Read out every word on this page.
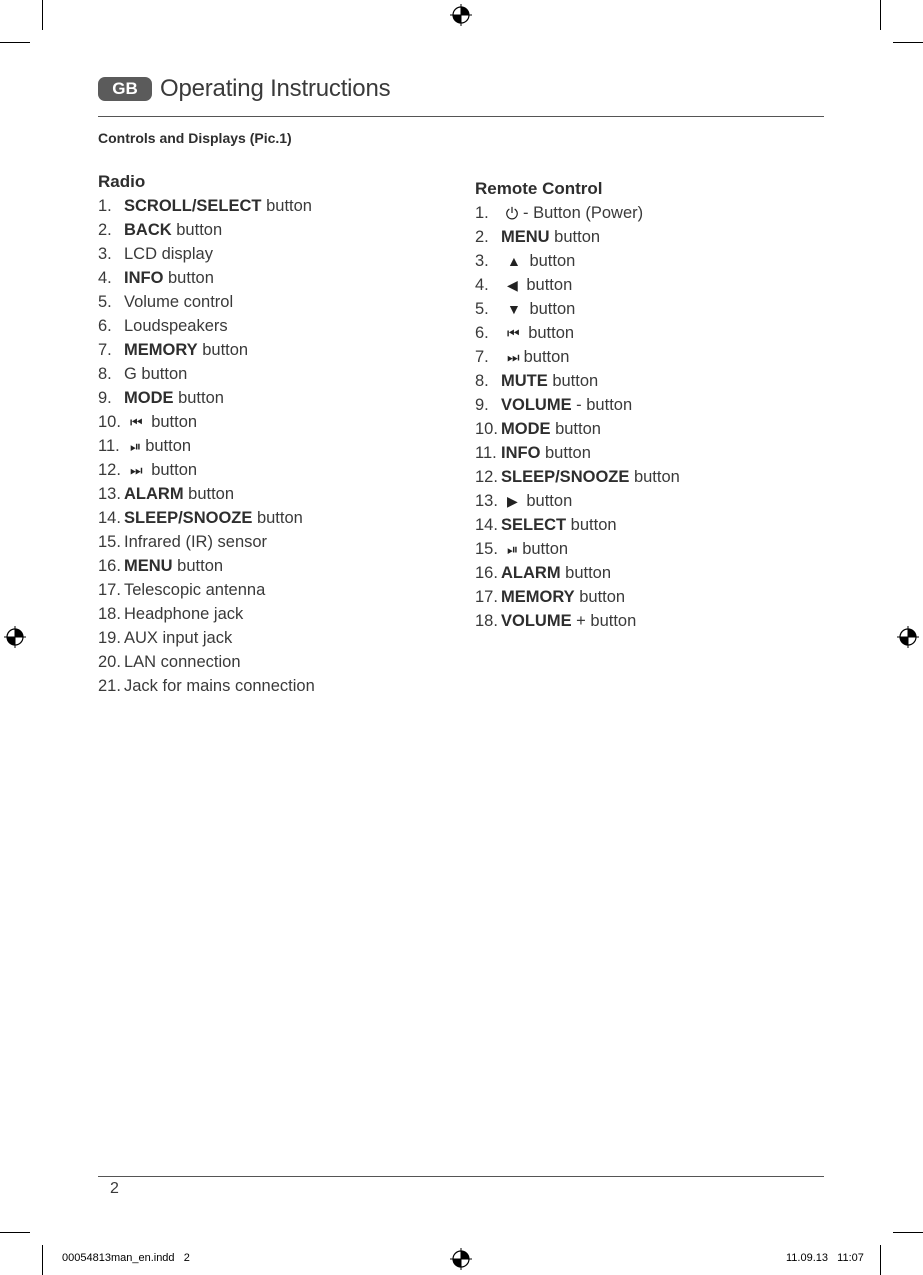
GB Operating Instructions
Controls and Displays (Pic.1)
Radio
1. SCROLL/SELECT button
2. BACK button
3. LCD display
4. INFO button
5. Volume control
6. Loudspeakers
7. MEMORY button
8. G button
9. MODE button
10. ⏮ button
11. ⏯ button
12. ⏭ button
13. ALARM button
14. SLEEP/SNOOZE button
15. Infrared (IR) sensor
16. MENU button
17. Telescopic antenna
18. Headphone jack
19. AUX input jack
20. LAN connection
21. Jack for mains connection
Remote Control
1.	- Button (Power)
2. MENU button
3.	▲ button
4.	◀ button
5.	▼ button
6.	⏮ button
7.	⏭ button
8. MUTE button
9. VOLUME - button
10. MODE button
11. INFO button
12. SLEEP/SNOOZE button
13. ▶ button
14. SELECT button
15. ⏯ button
16. ALARM button
17. MEMORY button
18. VOLUME + button
2
00054813man_en.indd   2	11.09.13   11:07
